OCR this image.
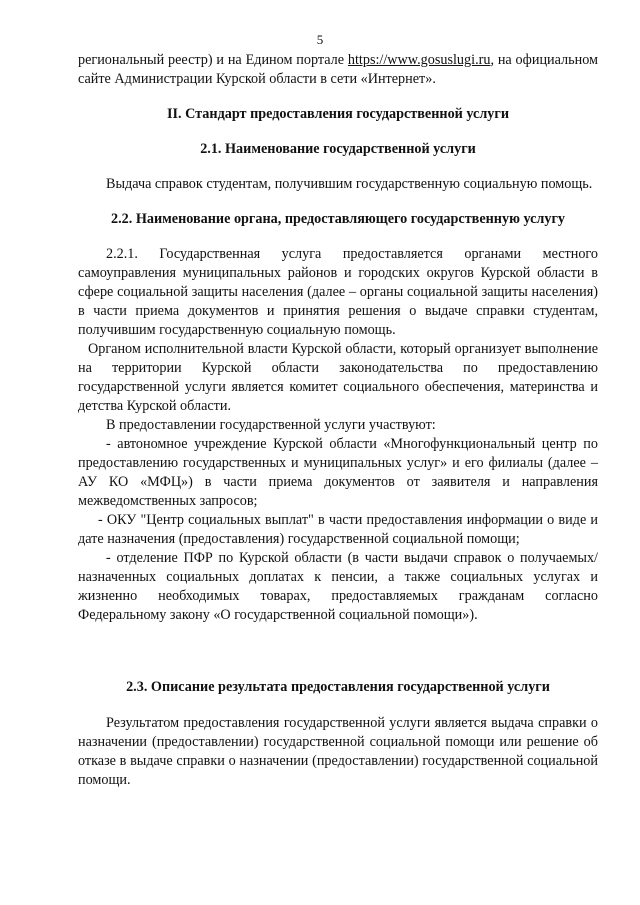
5

региональный реестр) и на Едином портале https://www.gosuslugi.ru, на официальном сайте Администрации Курской области в сети «Интернет».

II. Стандарт предоставления государственной услуги
2.1. Наименование государственной услуги

Выдача справок студентам, получившим государственную социальную помощь.

2.2. Наименование органа, предоставляющего государственную услугу

2.2.1. Государственная услуга предоставляется органами местного самоуправления муниципальных районов и городских округов Курской области в сфере социальной защиты населения (далее – органы социальной защиты населения) в части приема документов и принятия решения о выдаче справки студентам, получившим государственную социальную помощь.

Органом исполнительной власти Курской области, который организует выполнение на территории Курской области законодательства по предоставлению государственной услуги является комитет социального обеспечения, материнства и детства Курской области.

В предоставлении государственной услуги участвуют:

- автономное учреждение Курской области «Многофункциональный центр по предоставлению государственных и муниципальных услуг» и его филиалы (далее – АУ КО «МФЦ») в части приема документов от заявителя и направления межведомственных запросов;

- ОКУ "Центр социальных выплат" в части предоставления информации о виде и дате назначения (предоставления) государственной социальной помощи;

- отделение ПФР по Курской области (в части выдачи справок о получаемых/назначенных социальных доплатах к пенсии, а также социальных услугах и жизненно необходимых товарах, предоставляемых гражданам согласно Федеральному закону «О государственной социальной помощи»).

2.3. Описание результата предоставления государственной услуги

Результатом предоставления государственной услуги является выдача справки о назначении (предоставлении) государственной социальной помощи или решение об отказе в выдаче справки о назначении (предоставлении) государственной социальной помощи.
